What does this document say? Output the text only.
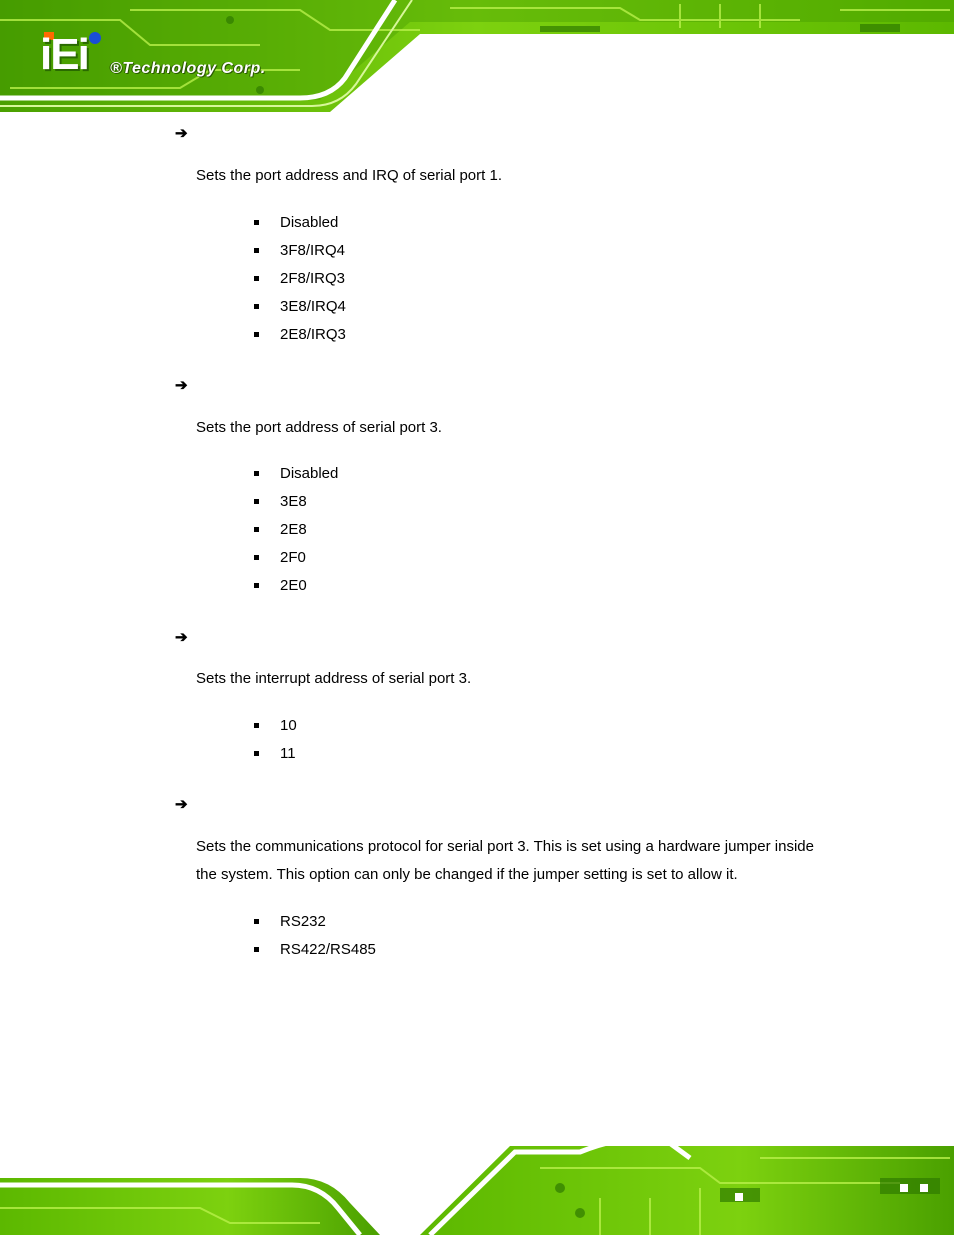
iEi ®Technology Corp.
➔
Sets the port address and IRQ of serial port 1.
Disabled
3F8/IRQ4
2F8/IRQ3
3E8/IRQ4
2E8/IRQ3
➔
Sets the port address of serial port 3.
Disabled
3E8
2E8
2F0
2E0
➔
Sets the interrupt address of serial port 3.
10
11
➔
Sets the communications protocol for serial port 3. This is set using a hardware jumper inside the system. This option can only be changed if the jumper setting is set to allow it.
RS232
RS422/RS485
